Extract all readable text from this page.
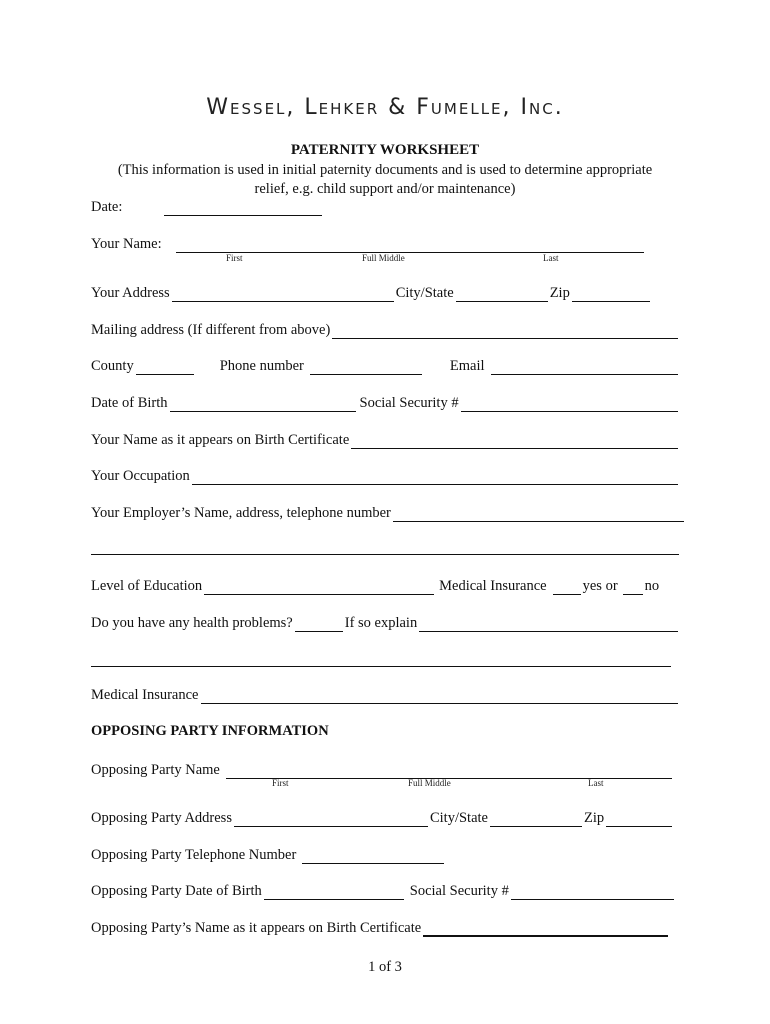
Wessel, Lehker & Fumelle, Inc.
PATERNITY WORKSHEET
(This information is used in initial paternity documents and is used to determine appropriate relief, e.g. child support and/or maintenance)
Date:
Your Name:
First	Full Middle	Last
Your Address	City/State	Zip
Mailing address (If different from above)
County	Phone number	Email
Date of Birth	Social Security #
Your Name as it appears on Birth Certificate
Your Occupation
Your Employer’s Name, address, telephone number
Level of Education	Medical Insurance yes or no
Do you have any health problems?	If so explain
Medical Insurance
OPPOSING PARTY INFORMATION
Opposing Party Name
First	Full Middle	Last
Opposing Party Address	City/State	Zip
Opposing Party Telephone Number
Opposing Party Date of Birth	Social Security #
Opposing Party’s Name as it appears on Birth Certificate
1 of 3
